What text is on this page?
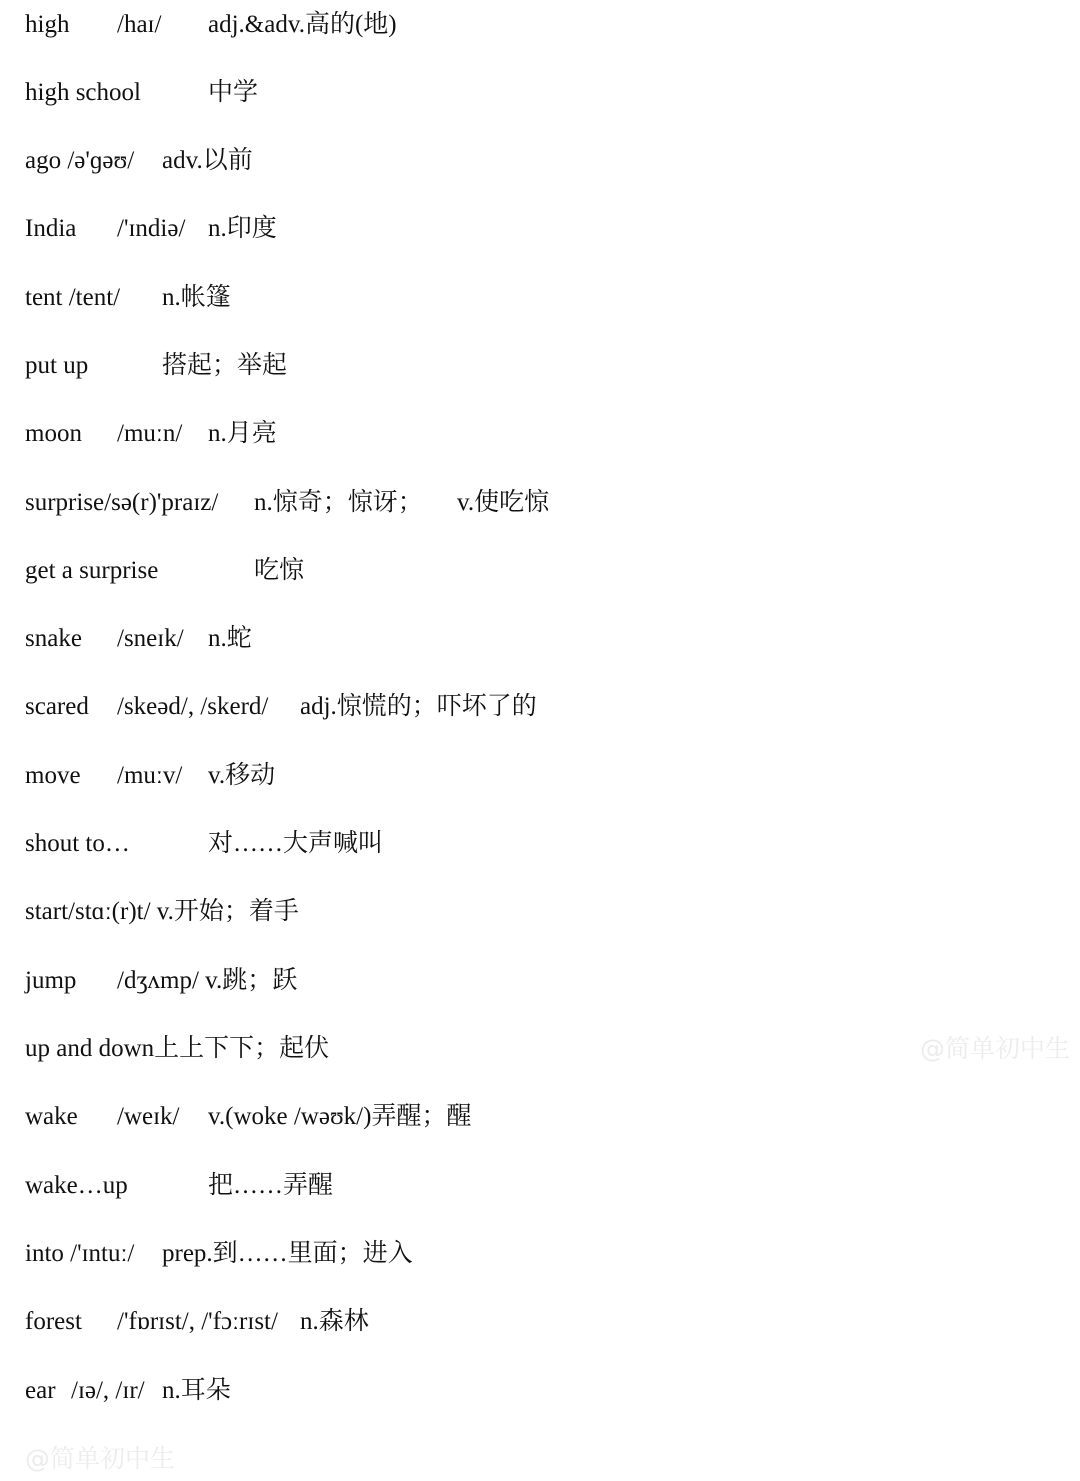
high /haɪ/ adj.&adv.高的(地)
high school	中学
ago /ə'ɡəʊ/ adv.以前
India /'ɪndiə/ n.印度
tent /tent/ n.帐篷
put up	搭起；举起
moon /muːn/ n.月亮
surprise/sə(r)'praɪz/ n.惊奇；惊讶； v.使吃惊
get a surprise	吃惊
snake /sneɪk/ n.蛇
scared /skeəd/, /skerd/ adj.惊慌的；吓坏了的
move /muːv/ v.移动
shout to…	对……大声喊叫
start/stɑː(r)t/ v.开始；着手
jump /dʒʌmp/ v.跳；跃
up and down上上下下；起伏
wake /weɪk/ v.(woke /wəʊk/)弄醒；醒
wake…up	把……弄醒
into /'ɪntuː/ prep.到……里面；进入
forest /'fɒrɪst/, /'fɔːrɪst/ n.森林
ear /ɪə/, /ɪr/ n.耳朵
@简单初中生
@简单初中生
